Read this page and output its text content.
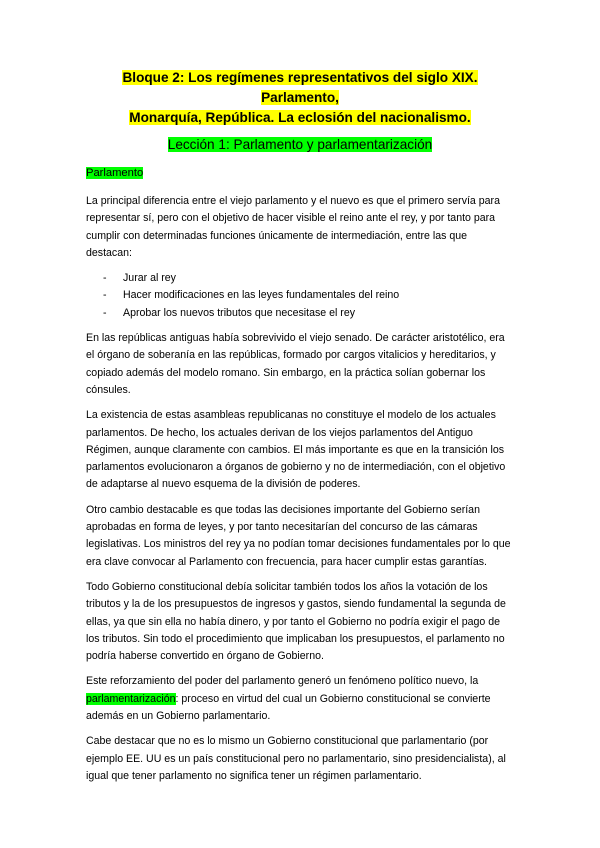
Bloque 2: Los regímenes representativos del siglo XIX. Parlamento,
Monarquía, República. La eclosión del nacionalismo.
Lección 1: Parlamento y parlamentarización
Parlamento

La principal diferencia entre el viejo parlamento y el nuevo es que el primero servía para representar sí, pero con el objetivo de hacer visible el reino ante el rey, y por tanto para cumplir con determinadas funciones únicamente de intermediación, entre las que destacan:

- Jurar al rey
- Hacer modificaciones en las leyes fundamentales del reino
- Aprobar los nuevos tributos que necesitase el rey

En las repúblicas antiguas había sobrevivido el viejo senado. De carácter aristotélico, era el órgano de soberanía en las repúblicas, formado por cargos vitalicios y hereditarios, y copiado además del modelo romano. Sin embargo, en la práctica solían gobernar los cónsules.

La existencia de estas asambleas republicanas no constituye el modelo de los actuales parlamentos. De hecho, los actuales derivan de los viejos parlamentos del Antiguo Régimen, aunque claramente con cambios. El más importante es que en la transición los parlamentos evolucionaron a órganos de gobierno y no de intermediación, con el objetivo de adaptarse al nuevo esquema de la división de poderes.

Otro cambio destacable es que todas las decisiones importante del Gobierno serían aprobadas en forma de leyes, y por tanto necesitarían del concurso de las cámaras legislativas. Los ministros del rey ya no podían tomar decisiones fundamentales por lo que era clave convocar al Parlamento con frecuencia, para hacer cumplir estas garantías.

Todo Gobierno constitucional debía solicitar también todos los años la votación de los tributos y la de los presupuestos de ingresos y gastos, siendo fundamental la segunda de ellas, ya que sin ella no había dinero, y por tanto el Gobierno no podría exigir el pago de los tributos. Sin todo el procedimiento que implicaban los presupuestos, el parlamento no podría haberse convertido en órgano de Gobierno.

Este reforzamiento del poder del parlamento generó un fenómeno político nuevo, la parlamentarización: proceso en virtud del cual un Gobierno constitucional se convierte además en un Gobierno parlamentario.

Cabe destacar que no es lo mismo un Gobierno constitucional que parlamentario (por ejemplo EE. UU es un país constitucional pero no parlamentario, sino presidencialista), al igual que tener parlamento no significa tener un régimen parlamentario.
